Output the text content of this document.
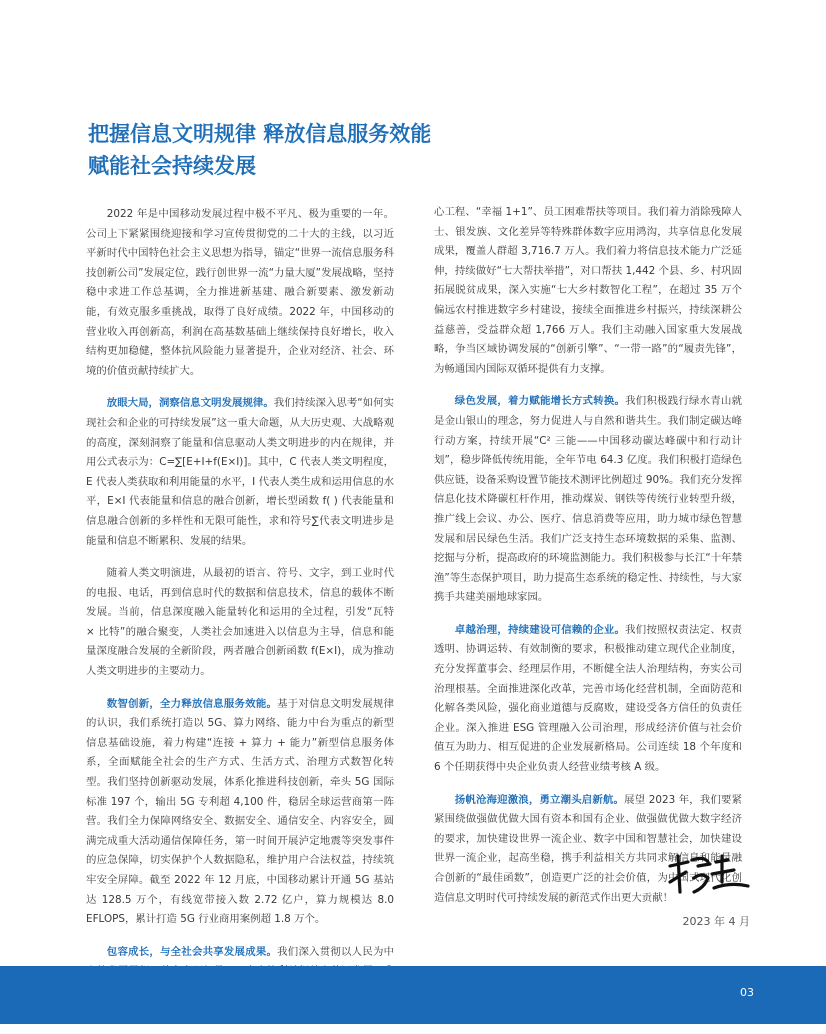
把握信息文明规律 释放信息服务效能
赋能社会持续发展

2022 年是中国移动发展过程中极不平凡、极为重要的一年。公司上下紧紧围绕迎接和学习宣传贯彻党的二十大的主线，以习近平新时代中国特色社会主义思想为指导，锚定“世界一流信息服务科技创新公司”发展定位，践行创世界一流“力量大厦”发展战略，坚持稳中求进工作总基调，全力推进新基建、融合新要素、激发新动能，有效克服多重挑战，取得了良好成绩。2022 年，中国移动的营业收入再创新高，利润在高基数基础上继续保持良好增长，收入结构更加稳健，整体抗风险能力显著提升，企业对经济、社会、环境的价值贡献持续扩大。

放眼大局，洞察信息文明发展规律。我们持续深入思考“如何实现社会和企业的可持续发展”这一重大命题，从大历史观、大战略观的高度，深刻洞察了能量和信息驱动人类文明进步的内在规律，并用公式表示为：C=∑[E+I+f(E×I)]。其中，C 代表人类文明程度，E 代表人类获取和利用能量的水平，I 代表人类生成和运用信息的水平，E×I 代表能量和信息的融合创新，增长型函数 f( ) 代表能量和信息融合创新的多样性和无限可能性，求和符号∑代表文明进步是能量和信息不断累积、发展的结果。

随着人类文明演进，从最初的语言、符号、文字，到工业时代的电报、电话，再到信息时代的数据和信息技术，信息的载体不断发展。当前，信息深度融入能量转化和运用的全过程，引发“瓦特 × 比特”的融合聚变，人类社会加速进入以信息为主导，信息和能量深度融合发展的全新阶段，两者融合创新函数 f(E×I)，成为推动人类文明进步的主要动力。

数智创新，全力释放信息服务效能。基于对信息文明发展规律的认识，我们系统打造以 5G、算力网络、能力中台为重点的新型信息基础设施，着力构建“连接 + 算力 + 能力”新型信息服务体系，全面赋能全社会的生产方式、生活方式、治理方式数智化转型。我们坚持创新驱动发展，体系化推进科技创新，牵头 5G 国际标准 197 个，输出 5G 专利超 4,100 件，稳居全球运营商第一阵营。我们全力保障网络安全、数据安全、通信安全、内容安全，圆满完成重大活动通信保障任务，第一时间开展泸定地震等突发事件的应急保障，切实保护个人数据隐私，维护用户合法权益，持续筑牢安全屏障。截至 2022 年 12 月底，中国移动累计开通 5G 基站达 128.5 万个，有线宽带接入数 2.72 亿户，算力规模达 8.0 EFLOPS，累计打造 5G 行业商用案例超 1.8 万个。

包容成长，与全社会共享发展成果。我们深入贯彻以人民为中

心工程、“幸福 1+1”、员工困难帮扶等项目。我们着力消除残障人士、银发族、文化差异等特殊群体数字应用鸿沟，共享信息化发展成果，覆盖人群超 3,716.7 万人。我们着力将信息技术能力广泛延伸，持续做好“七大帮扶举措”，对口帮扶 1,442 个县、乡、村巩固拓展脱贫成果，深入实施“七大乡村数智化工程”，在超过 35 万个偏远农村推进数字乡村建设，接续全面推进乡村振兴，持续深耕公益慈善，受益群众超 1,766 万人。我们主动融入国家重大发展战略，争当区域协调发展的“创新引擎”、“一带一路”的“履责先锋”，为畅通国内国际双循环提供有力支撑。

绿色发展，着力赋能增长方式转换。我们积极践行绿水青山就是金山银山的理念，努力促进人与自然和谐共生。我们制定碳达峰行动方案，持续开展“C² 三能——中国移动碳达峰碳中和行动计划”，稳步降低传统用能，全年节电 64.3 亿度。我们积极打造绿色供应链，设备采购设置节能技术测评比例超过 90%。我们充分发挥信息化技术降碳杠杆作用，推动煤炭、钢铁等传统行业转型升级，推广线上会议、办公、医疗、信息消费等应用，助力城市绿色智慧发展和居民绿色生活。我们广泛支持生态环境数据的采集、监测、挖掘与分析，提高政府的环境监测能力。我们积极参与长江“十年禁渔”等生态保护项目，助力提高生态系统的稳定性、持续性，与大家携手共建美丽地球家园。

卓越治理，持续建设可信赖的企业。我们按照权责法定、权责透明、协调运转、有效制衡的要求，积极推动建立现代企业制度，充分发挥董事会、经理层作用，不断健全法人治理结构，夯实公司治理根基。全面推进深化改革，完善市场化经营机制，全面防范和化解各类风险，强化商业道德与反腐败，建设受各方信任的负责任企业。深入推进 ESG 管理融入公司治理，形成经济价值与社会价值互为助力、相互促进的企业发展新格局。公司连续 18 个年度和 6 个任期获得中央企业负责人经营业绩考核 A 级。

扬帆沧海迎激浪，勇立潮头启新航。展望 2023 年，我们要紧紧围绕做强做优做大国有资本和国有企业、做强做优做大数字经济的要求，加快建设世界一流企业、数字中国和智慧社会，加快建设世界一流企业，起高坐稳，携手利益相关方共同求解信息和能量融合创新的“最佳函数”，创造更广泛的社会价值，为中国式现代化创造信息文明时代可持续发展的新范式作出更大贡献！

2023 年 4 月
03
